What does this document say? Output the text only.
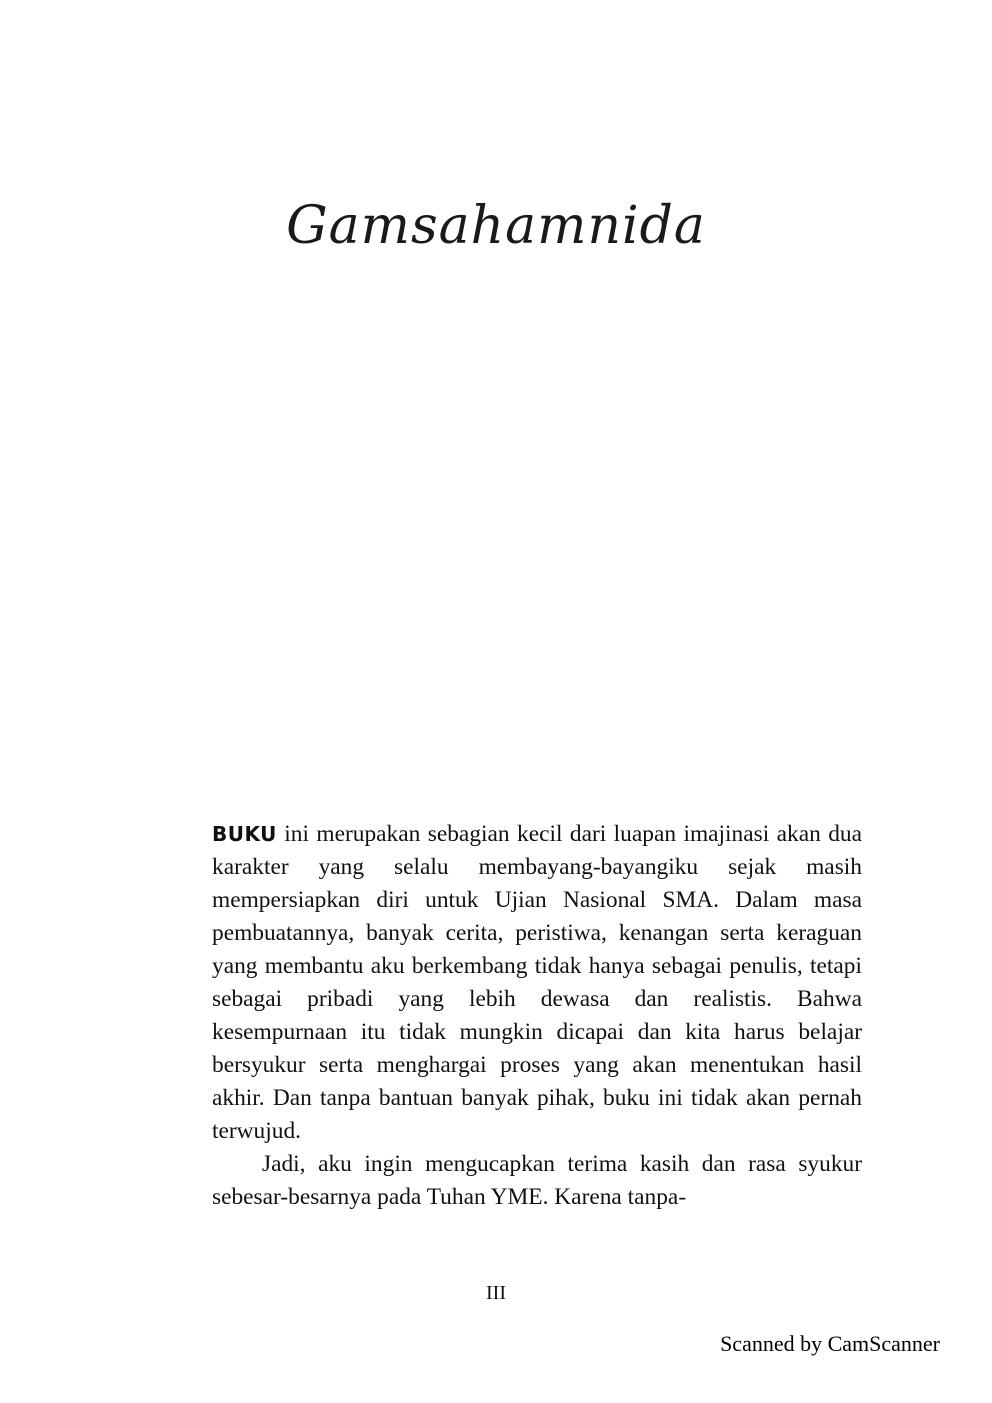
Gamsahamnida

BUKU ini merupakan sebagian kecil dari luapan imajinasi akan dua karakter yang selalu membayang-bayangiku sejak masih mempersiapkan diri untuk Ujian Nasional SMA. Dalam masa pembuatannya, banyak cerita, peristiwa, kenangan serta keraguan yang membantu aku berkembang tidak hanya sebagai penulis, tetapi sebagai pribadi yang lebih dewasa dan realistis. Bahwa kesempurnaan itu tidak mungkin dicapai dan kita harus belajar bersyukur serta menghargai proses yang akan menentukan hasil akhir. Dan tanpa bantuan banyak pihak, buku ini tidak akan pernah terwujud.

Jadi, aku ingin mengucapkan terima kasih dan rasa syukur sebesar-besarnya pada Tuhan YME. Karena tanpa-

III
Scanned by CamScanner
